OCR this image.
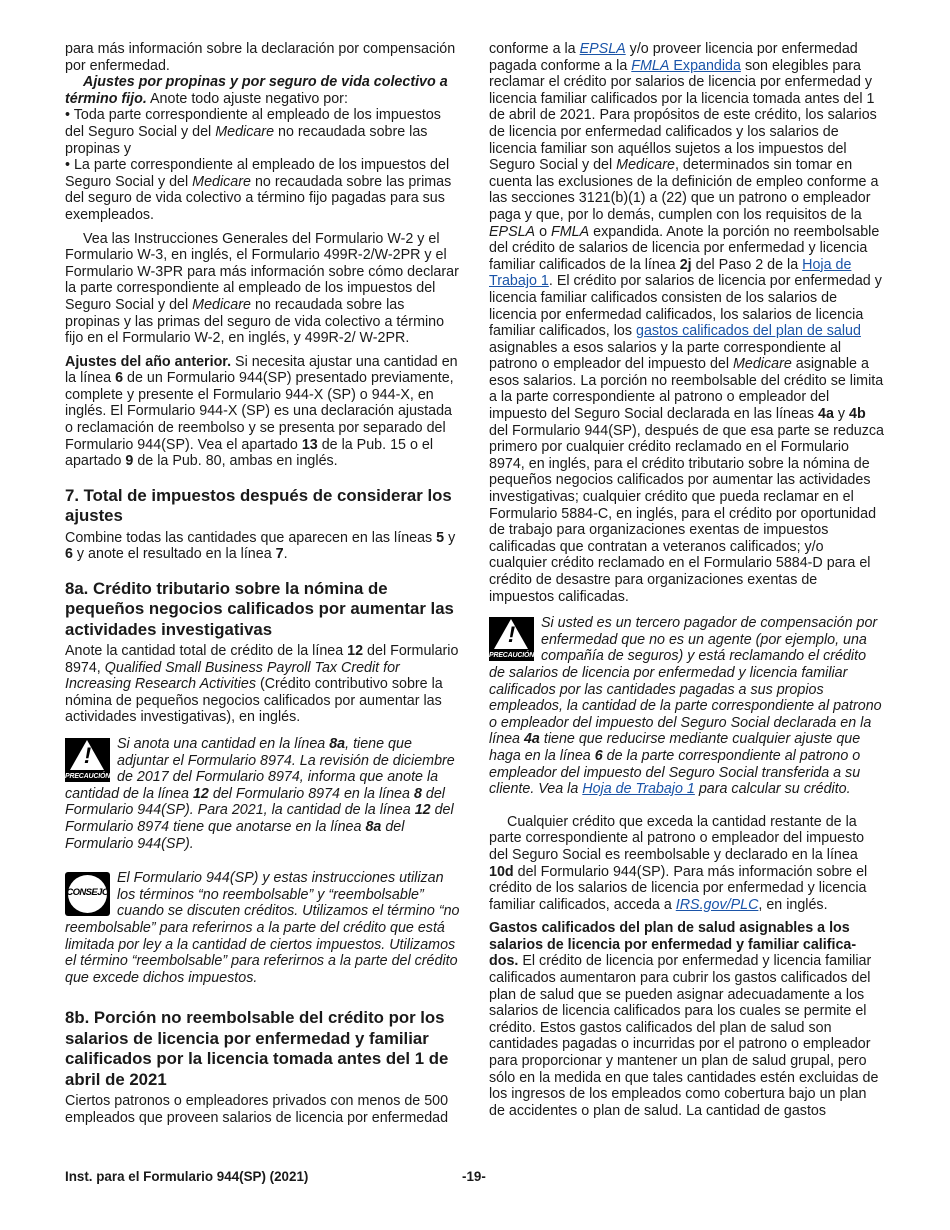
para más información sobre la declaración por compensación por enfermedad.

Ajustes por propinas y por seguro de vida colectivo a término fijo. Anote todo ajuste negativo por:

• Toda parte correspondiente al empleado de los impuestos del Seguro Social y del Medicare no recaudada sobre las propinas y

• La parte correspondiente al empleado de los impuestos del Seguro Social y del Medicare no recaudada sobre las primas del seguro de vida colectivo a término fijo pagadas para sus exempleados.

Vea las Instrucciones Generales del Formulario W-2 y el Formulario W-3, en inglés, el Formulario 499R-2/W-2PR y el Formulario W-3PR para más información sobre cómo declarar la parte correspondiente al empleado de los impuestos del Seguro Social y del Medicare no recaudada sobre las propinas y las primas del seguro de vida colectivo a término fijo en el Formulario W-2, en inglés, y 499R-2/ W-2PR.

Ajustes del año anterior. Si necesita ajustar una cantidad en la línea 6 de un Formulario 944(SP) presentado previamente, complete y presente el Formulario 944-X (SP) o 944-X, en inglés. El Formulario 944-X (SP) es una declaración ajustada o reclamación de reembolso y se presenta por separado del Formulario 944(SP). Vea el apartado 13 de la Pub. 15 o el apartado 9 de la Pub. 80, ambas en inglés.

7. Total de impuestos después de considerar los ajustes

Combine todas las cantidades que aparecen en las líneas 5 y 6 y anote el resultado en la línea 7.

8a. Crédito tributario sobre la nómina de pequeños negocios calificados por aumentar las actividades investigativas

Anote la cantidad total de crédito de la línea 12 del Formulario 8974, Qualified Small Business Payroll Tax Credit for Increasing Research Activities (Crédito contributivo sobre la nómina de pequeños negocios calificados por aumentar las actividades investigativas), en inglés.

!
PRECAUCIÓN
Si anota una cantidad en la línea 8a, tiene que adjuntar el Formulario 8974. La revisión de diciembre de 2017 del Formulario 8974, informa que anote la cantidad de la línea 12 del Formulario 8974 en la línea 8 del Formulario 944(SP). Para 2021, la cantidad de la línea 12 del Formulario 8974 tiene que anotarse en la línea 8a del Formulario 944(SP).
CONSEJO
El Formulario 944(SP) y estas instrucciones utilizan los términos “no reembolsable” y “reembolsable” cuando se discuten créditos. Utilizamos el término “no reembolsable” para referirnos a la parte del crédito que está limitada por ley a la cantidad de ciertos impuestos. Utilizamos el término “reembolsable” para referirnos a la parte del crédito que excede dichos impuestos.
8b. Porción no reembolsable del crédito por los salarios de licencia por enfermedad y familiar calificados por la licencia tomada antes del 1 de abril de 2021

Ciertos patronos o empleadores privados con menos de 500 empleados que proveen salarios de licencia por enfermedad

conforme a la EPSLA y/o proveer licencia por enfermedad pagada conforme a la FMLA Expandida son elegibles para reclamar el crédito por salarios de licencia por enfermedad y licencia familiar calificados por la licencia tomada antes del 1 de abril de 2021. Para propósitos de este crédito, los salarios de licencia por enfermedad calificados y los salarios de licencia familiar son aquéllos sujetos a los impuestos del Seguro Social y del Medicare, determinados sin tomar en cuenta las exclusiones de la definición de empleo conforme a las secciones 3121(b)(1) a (22) que un patrono o empleador paga y que, por lo demás, cumplen con los requisitos de la EPSLA o FMLA expandida. Anote la porción no reembolsable del crédito de salarios de licencia por enfermedad y licencia familiar calificados de la línea 2j del Paso 2 de la Hoja de Trabajo 1. El crédito por salarios de licencia por enfermedad y licencia familiar calificados consisten de los salarios de licencia por enfermedad calificados, los salarios de licencia familiar calificados, los gastos calificados del plan de salud asignables a esos salarios y la parte correspondiente al patrono o empleador del impuesto del Medicare asignable a esos salarios. La porción no reembolsable del crédito se limita a la parte correspondiente al patrono o empleador del impuesto del Seguro Social declarada en las líneas 4a y 4b del Formulario 944(SP), después de que esa parte se reduzca primero por cualquier crédito reclamado en el Formulario 8974, en inglés, para el crédito tributario sobre la nómina de pequeños negocios calificados por aumentar las actividades investigativas; cualquier crédito que pueda reclamar en el Formulario 5884-C, en inglés, para el crédito por oportunidad de trabajo para organizaciones exentas de impuestos calificadas que contratan a veteranos calificados; y/o cualquier crédito reclamado en el Formulario 5884-D para el crédito de desastre para organizaciones exentas de impuestos calificadas.

!
PRECAUCIÓN
Si usted es un tercero pagador de compensación por enfermedad que no es un agente (por ejemplo, una compañía de seguros) y está reclamando el crédito de salarios de licencia por enfermedad y licencia familiar calificados por las cantidades pagadas a sus propios empleados, la cantidad de la parte correspondiente al patrono o empleador del impuesto del Seguro Social declarada en la línea 4a tiene que reducirse mediante cualquier ajuste que haga en la línea 6 de la parte correspondiente al patrono o empleador del impuesto del Seguro Social transferida a su cliente. Vea la Hoja de Trabajo 1 para calcular su crédito.

Cualquier crédito que exceda la cantidad restante de la parte correspondiente al patrono o empleador del impuesto del Seguro Social es reembolsable y declarado en la línea 10d del Formulario 944(SP). Para más información sobre el crédito de los salarios de licencia por enfermedad y licencia familiar calificados, acceda a IRS.gov/PLC, en inglés.

Gastos calificados del plan de salud asignables a los salarios de licencia por enfermedad y familiar califica-dos. El crédito de licencia por enfermedad y licencia familiar calificados aumentaron para cubrir los gastos calificados del plan de salud que se pueden asignar adecuadamente a los salarios de licencia calificados para los cuales se permite el crédito. Estos gastos calificados del plan de salud son cantidades pagadas o incurridas por el patrono o empleador para proporcionar y mantener un plan de salud grupal, pero sólo en la medida en que tales cantidades estén excluidas de los ingresos de los empleados como cobertura bajo un plan de accidentes o plan de salud. La cantidad de gastos

Inst. para el Formulario 944(SP) (2021)	-19-
